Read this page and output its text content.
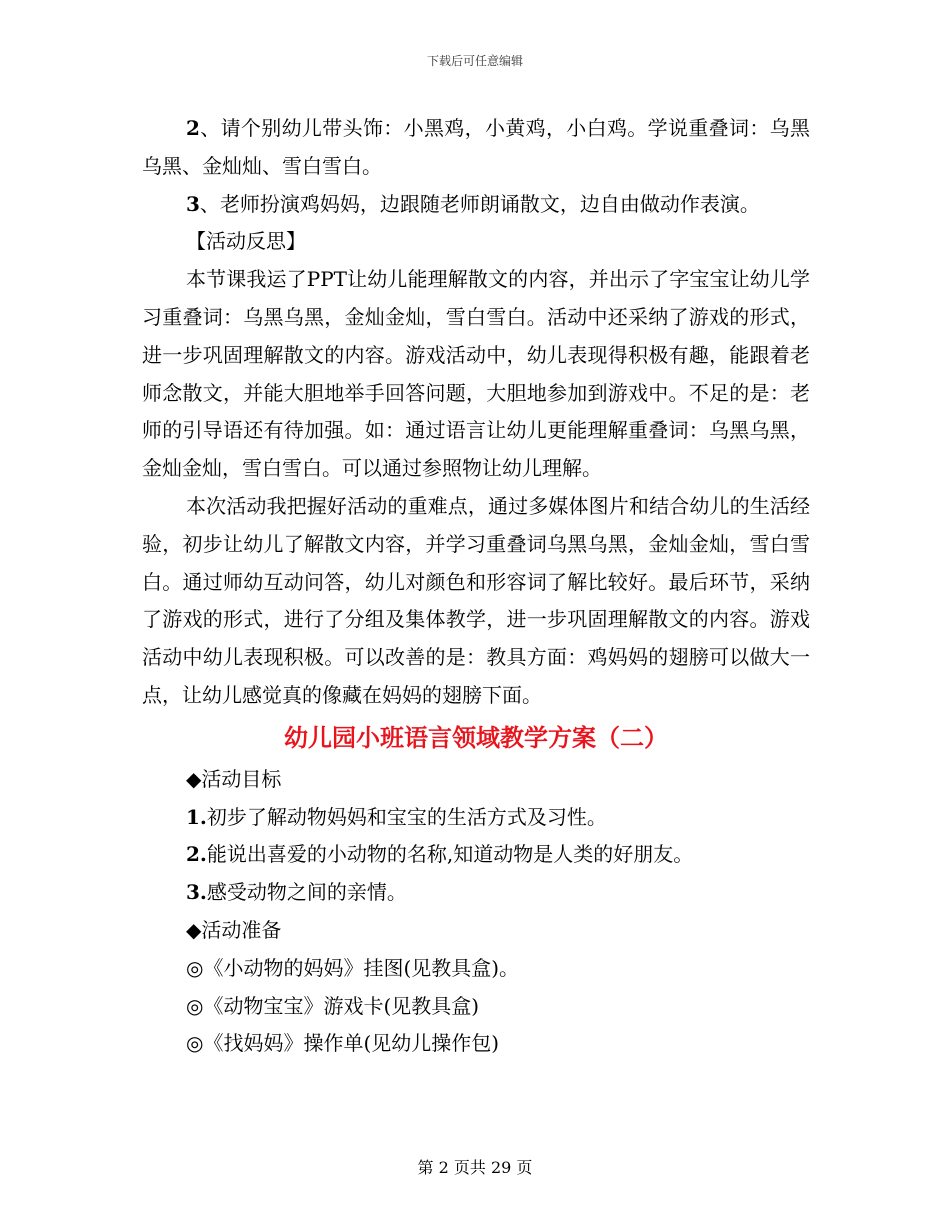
下载后可任意编辑

2、请个别幼儿带头饰：小黑鸡，小黄鸡，小白鸡。学说重叠词：乌黑乌黑、金灿灿、雪白雪白。

3、老师扮演鸡妈妈，边跟随老师朗诵散文，边自由做动作表演。

【活动反思】

本节课我运了PPT让幼儿能理解散文的内容，并出示了字宝宝让幼儿学习重叠词：乌黑乌黑，金灿金灿，雪白雪白。活动中还采纳了游戏的形式，进一步巩固理解散文的内容。游戏活动中，幼儿表现得积极有趣，能跟着老师念散文，并能大胆地举手回答问题，大胆地参加到游戏中。不足的是：老师的引导语还有待加强。如：通过语言让幼儿更能理解重叠词：乌黑乌黑，金灿金灿，雪白雪白。可以通过参照物让幼儿理解。

本次活动我把握好活动的重难点，通过多媒体图片和结合幼儿的生活经验，初步让幼儿了解散文内容，并学习重叠词乌黑乌黑，金灿金灿，雪白雪白。通过师幼互动问答，幼儿对颜色和形容词了解比较好。最后环节，采纳了游戏的形式，进行了分组及集体教学，进一步巩固理解散文的内容。游戏活动中幼儿表现积极。可以改善的是：教具方面：鸡妈妈的翅膀可以做大一点，让幼儿感觉真的像藏在妈妈的翅膀下面。

幼儿园小班语言领域教学方案（二）

◆活动目标

1.初步了解动物妈妈和宝宝的生活方式及习性。

2.能说出喜爱的小动物的名称,知道动物是人类的好朋友。

3.感受动物之间的亲情。

◆活动准备

◎《小动物的妈妈》挂图(见教具盒)。

◎《动物宝宝》游戏卡(见教具盒)

◎《找妈妈》操作单(见幼儿操作包)

第 2 页共 29 页
